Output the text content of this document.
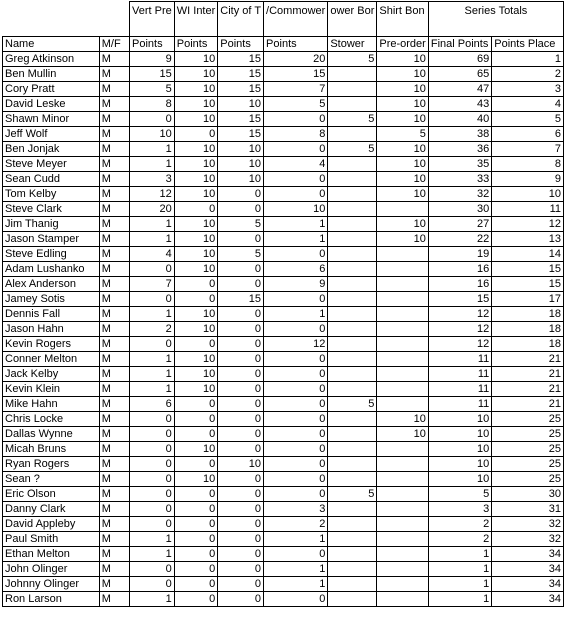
		Vert Pre	WI Inter	City of T	/Commower	ower Bor	Shirt Bon	Series Totals	
Name	M/F	Points	Points	Points	Points	Stower	Pre-order	Final Points	Points Place
Greg Atkinson	M	9	10	15	20	5	10	69	1
Ben Mullin	M	15	10	15	15		10	65	2
Cory Pratt	M	5	10	15	7		10	47	3
David Leske	M	8	10	10	5		10	43	4
Shawn Minor	M	0	10	15	0	5	10	40	5
Jeff Wolf	M	10	0	15	8		5	38	6
Ben Jonjak	M	1	10	10	0	5	10	36	7
Steve Meyer	M	1	10	10	4		10	35	8
Sean Cudd	M	3	10	10	0		10	33	9
Tom Kelby	M	12	10	0	0		10	32	10
Steve Clark	M	20	0	0	10			30	11
Jim Thanig	M	1	10	5	1		10	27	12
Jason Stamper	M	1	10	0	1		10	22	13
Steve Edling	M	4	10	5	0			19	14
Adam Lushanko	M	0	10	0	6			16	15
Alex Anderson	M	7	0	0	9			16	15
Jamey Sotis	M	0	0	15	0			15	17
Dennis Fall	M	1	10	0	1			12	18
Jason Hahn	M	2	10	0	0			12	18
Kevin Rogers	M	0	0	0	12			12	18
Conner Melton	M	1	10	0	0			11	21
Jack Kelby	M	1	10	0	0			11	21
Kevin Klein	M	1	10	0	0			11	21
Mike Hahn	M	6	0	0	0	5		11	21
Chris Locke	M	0	0	0	0		10	10	25
Dallas Wynne	M	0	0	0	0		10	10	25
Micah Bruns	M	0	10	0	0			10	25
Ryan Rogers	M	0	0	10	0			10	25
Sean ?	M	0	10	0	0			10	25
Eric Olson	M	0	0	0	0	5		5	30
Danny Clark	M	0	0	0	3			3	31
David Appleby	M	0	0	0	2			2	32
Paul Smith	M	1	0	0	1			2	32
Ethan Melton	M	1	0	0	0			1	34
John Olinger	M	0	0	0	1			1	34
Johnny Olinger	M	0	0	0	1			1	34
Ron Larson	M	1	0	0	0			1	34
